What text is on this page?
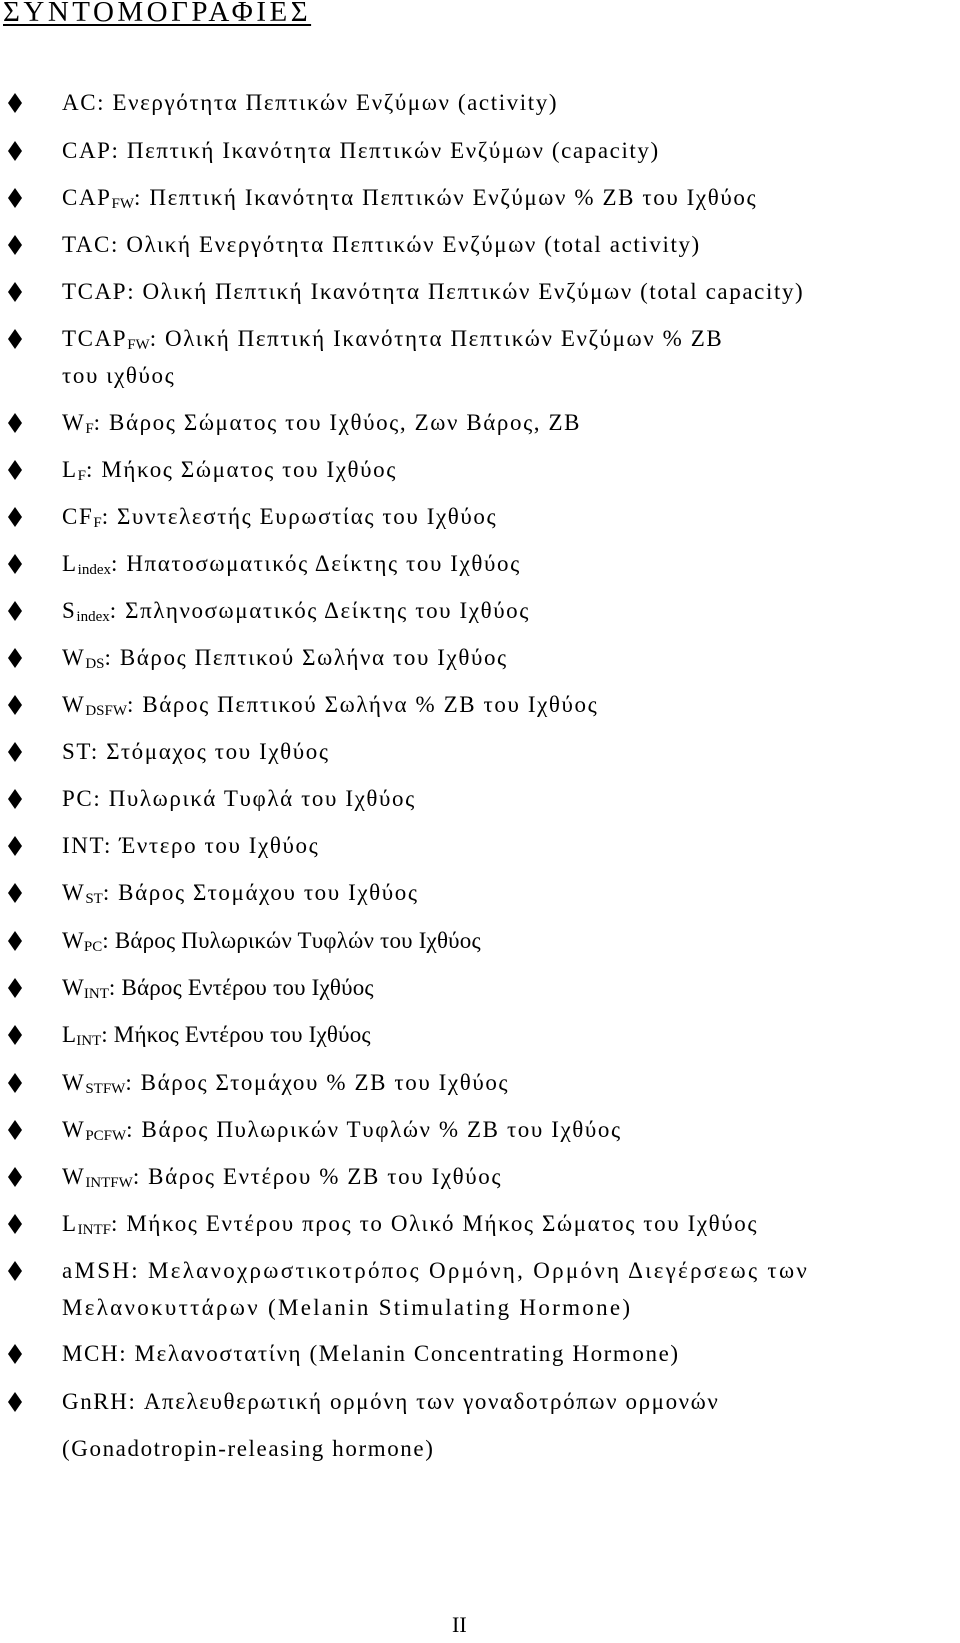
ΣΥΝΤΟΜΟΓΡΑΦΙΕΣ
AC: Ενεργότητα Πεπτικών Ενζύμων (activity)
CAP: Πεπτική Ικανότητα Πεπτικών Ενζύμων (capacity)
$CAP_{FW}$: Πεπτική Ικανότητα Πεπτικών Ενζύμων % ΖΒ του Ιχθύος
TAC: Ολική Ενεργότητα Πεπτικών Ενζύμων (total activity)
TCAP: Ολική Πεπτική Ικανότητα Πεπτικών Ενζύμων (total capacity)
$TCAP_{FW}$: Ολική Πεπτική Ικανότητα Πεπτικών Ενζύμων % ΖΒ
του ιχθύος
$W_F$: Βάρος Σώματος του Ιχθύος, Ζων Βάρος, ΖΒ
$L_F$: Μήκος Σώματος του Ιχθύος
$CF_F$: Συντελεστής Ευρωστίας του Ιχθύος
$L_{index}$: Ηπατοσωματικός Δείκτης του Ιχθύος
$S_{index}$: Σπληνοσωματικός Δείκτης του Ιχθύος
$W_{DS}$: Βάρος Πεπτικού Σωλήνα του Ιχθύος
$W_{DSFW}$: Βάρος Πεπτικού Σωλήνα % ΖΒ του Ιχθύος
ST: Στόμαχος του Ιχθύος
PC: Πυλωρικά Τυφλά του Ιχθύος
INT: Έντερο του Ιχθύος
$W_{ST}$: Βάρος Στομάχου του Ιχθύος
$W_{PC}$: Βάρος Πυλωρικών Τυφλών του Ιχθύος
$W_{INT}$: Βάρος Εντέρου του Ιχθύος
$L_{INT}$: Μήκος Εντέρου του Ιχθύος
$W_{STFW}$: Βάρος Στομάχου % ΖΒ του Ιχθύος
$W_{PCFW}$: Βάρος Πυλωρικών Τυφλών % ΖΒ του Ιχθύος
$W_{INTFW}$: Βάρος Εντέρου % ΖΒ του Ιχθύος
$L_{INTF}$: Μήκος Εντέρου προς το Ολικό Μήκος Σώματος του Ιχθύος
aMSH: Μελανοχρωστικοτρόπος Ορμόνη, Ορμόνη Διεγέρσεως των
Μελανοκυττάρων (Melanin Stimulating Hormone)
MCH: Μελανοστατίνη (Melanin Concentrating Hormone)
GnRH: Απελευθερωτική ορμόνη των γοναδοτρόπων ορμονών
(Gonadotropin-releasing hormone)
II
